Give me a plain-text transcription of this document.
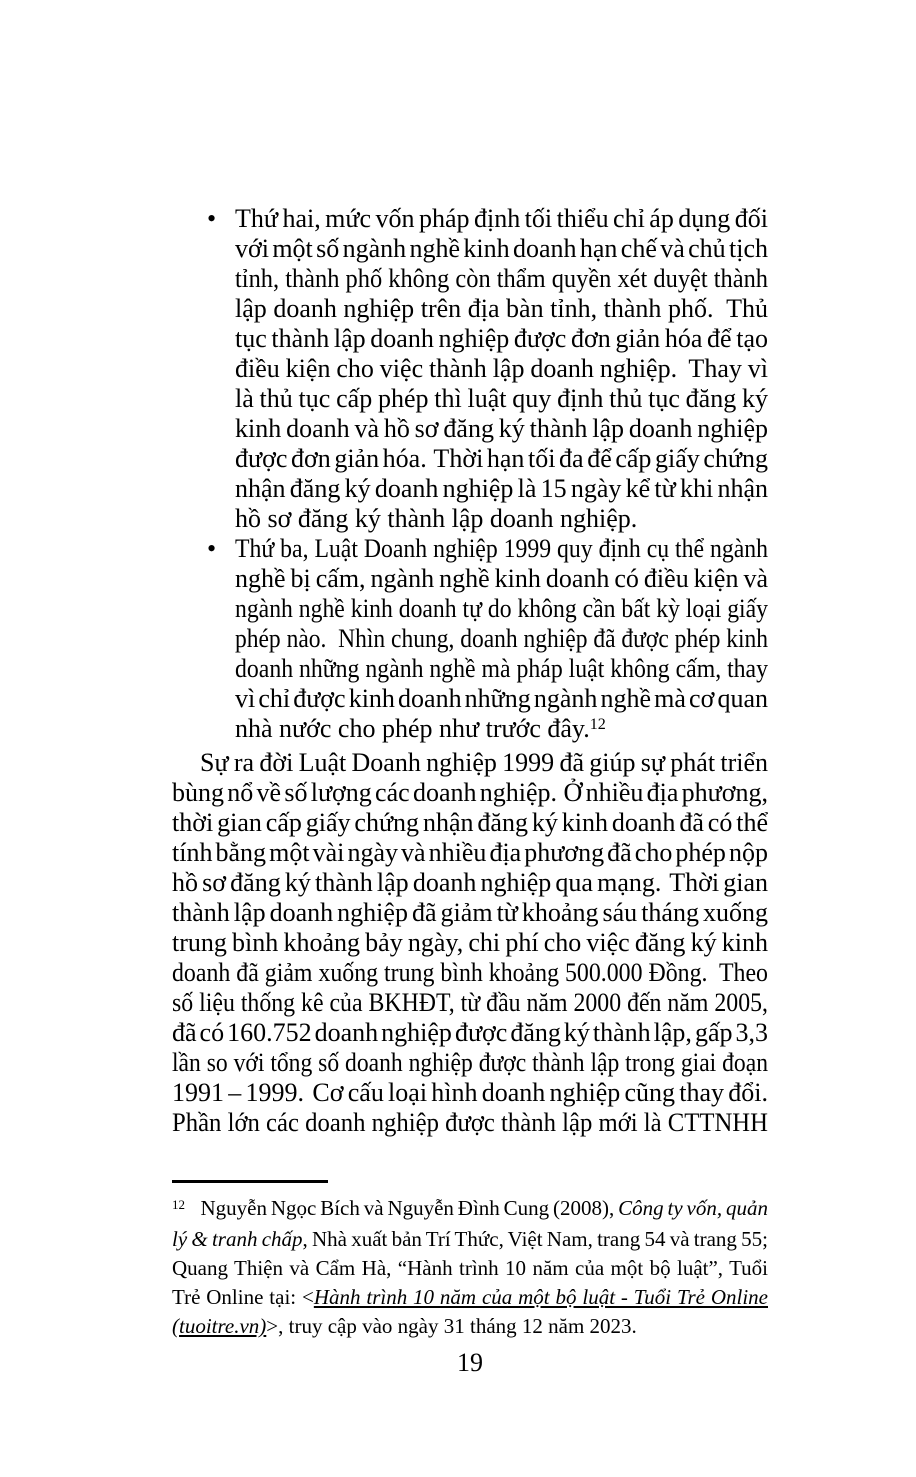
• Thứ hai, mức vốn pháp định tối thiểu chỉ áp dụng đối
với một số ngành nghề kinh doanh hạn chế và chủ tịch
tỉnh, thành phố không còn thẩm quyền xét duyệt thành
lập doanh nghiệp trên địa bàn tỉnh, thành phố.  Thủ
tục thành lập doanh nghiệp được đơn giản hóa để tạo
điều kiện cho việc thành lập doanh nghiệp.  Thay vì
là thủ tục cấp phép thì luật quy định thủ tục đăng ký
kinh doanh và hồ sơ đăng ký thành lập doanh nghiệp
được đơn giản hóa.  Thời hạn tối đa để cấp giấy chứng
nhận đăng ký doanh nghiệp là 15 ngày kể từ khi nhận
hồ sơ đăng ký thành lập doanh nghiệp.
• Thứ ba, Luật Doanh nghiệp 1999 quy định cụ thể ngành
nghề bị cấm, ngành nghề kinh doanh có điều kiện và
ngành nghề kinh doanh tự do không cần bất kỳ loại giấy
phép nào.  Nhìn chung, doanh nghiệp đã được phép kinh
doanh những ngành nghề mà pháp luật không cấm, thay
vì chỉ được kinh doanh những ngành nghề mà cơ quan
nhà nước cho phép như trước đây.$^{12}$
Sự ra đời Luật Doanh nghiệp 1999 đã giúp sự phát triển
bùng nổ về số lượng các doanh nghiệp.  Ở nhiều địa phương,
thời gian cấp giấy chứng nhận đăng ký kinh doanh đã có thể
tính bằng một vài ngày và nhiều địa phương đã cho phép nộp
hồ sơ đăng ký thành lập doanh nghiệp qua mạng.  Thời gian
thành lập doanh nghiệp đã giảm từ khoảng sáu tháng xuống
trung bình khoảng bảy ngày, chi phí cho việc đăng ký kinh
doanh đã giảm xuống trung bình khoảng 500.000 Đồng.  Theo
số liệu thống kê của BKHĐT, từ đầu năm 2000 đến năm 2005,
đã có 160.752 doanh nghiệp được đăng ký thành lập, gấp 3,3
lần so với tổng số doanh nghiệp được thành lập trong giai đoạn
1991 – 1999.  Cơ cấu loại hình doanh nghiệp cũng thay đổi.
Phần lớn các doanh nghiệp được thành lập mới là CTTNHH
$^{12}$    Nguyễn Ngọc Bích và Nguyễn Đình Cung (2008), Công ty vốn, quản
lý & tranh chấp, Nhà xuất bản Trí Thức, Việt Nam, trang 54 và trang 55;
Quang Thiện và Cẩm Hà, “Hành trình 10 năm của một bộ luật”, Tuổi
Trẻ Online tại: <Hành trình 10 năm của một bộ luật - Tuổi Trẻ Online
(tuoitre.vn)>, truy cập vào ngày 31 tháng 12 năm 2023.
19
